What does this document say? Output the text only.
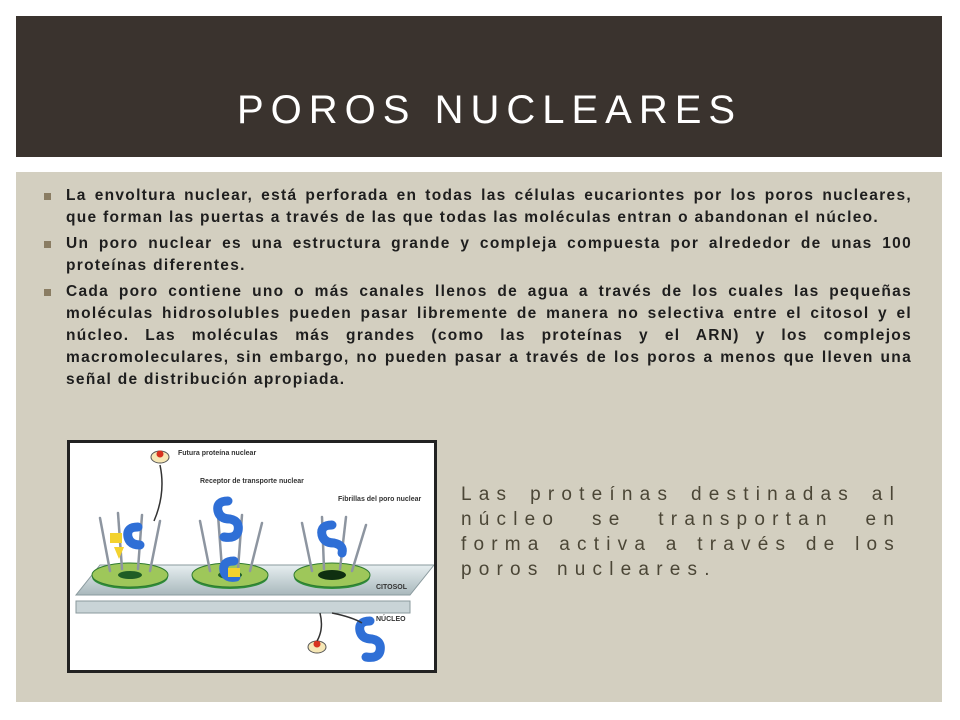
POROS NUCLEARES
La envoltura nuclear, está perforada en todas las células eucariontes por los poros nucleares, que forman las puertas a través de las que todas las moléculas entran o abandonan el núcleo.
Un poro nuclear es una estructura grande y compleja compuesta por alrededor de unas 100 proteínas diferentes.
Cada poro contiene uno o más canales llenos de agua a través de los cuales las pequeñas moléculas hidrosolubles pueden pasar libremente de manera no selectiva entre el citosol y el núcleo. Las moléculas más grandes (como las proteínas y el ARN) y los complejos macromoleculares, sin embargo, no pueden pasar a través de los poros a menos que lleven una señal de distribución apropiada.
Futura proteína nuclear
Receptor de transporte nuclear
Fibrillas del poro nuclear
CITOSOL
NÚCLEO
Las proteínas destinadas al núcleo se transportan en forma activa a través de los poros nucleares.
